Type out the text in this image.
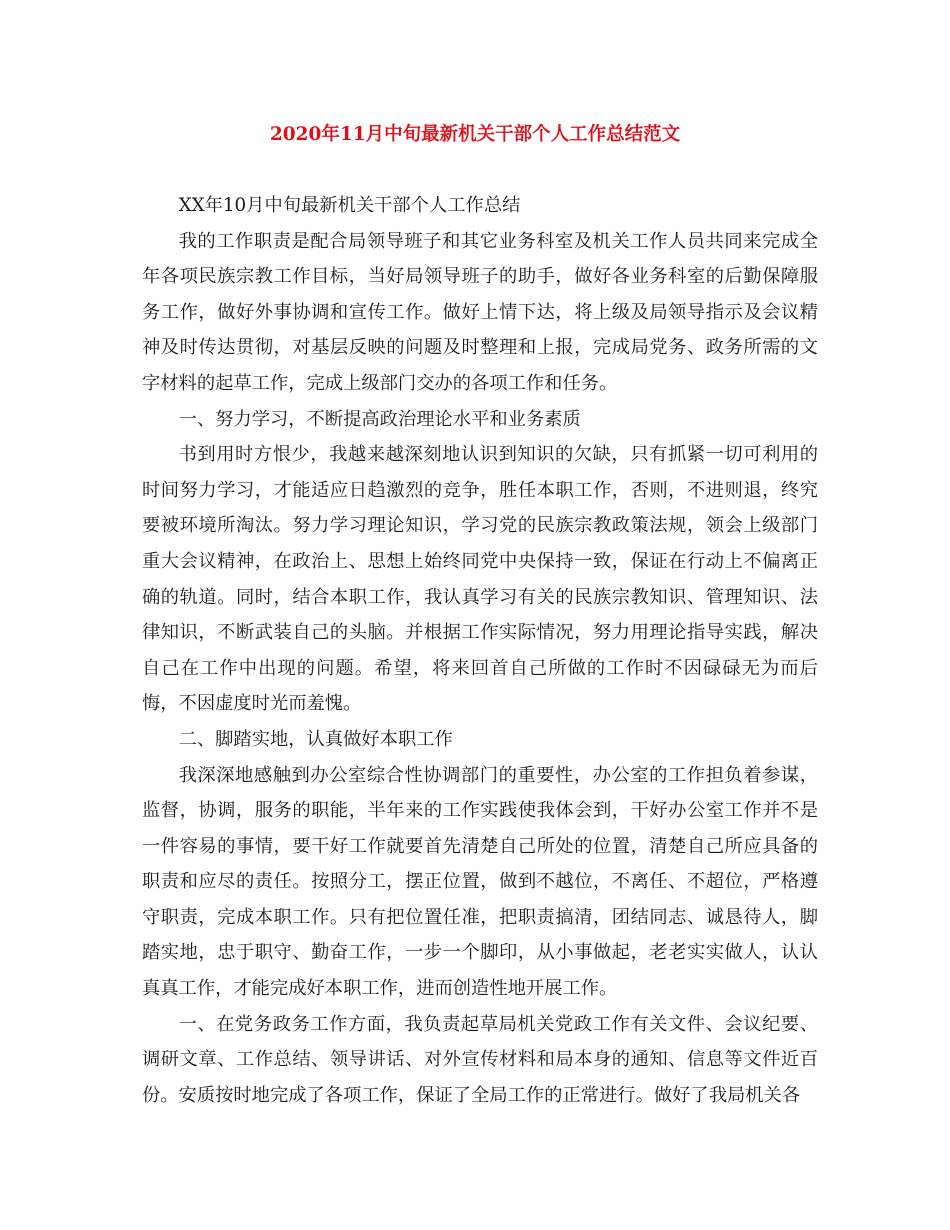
2020年11月中旬最新机关干部个人工作总结范文

XX年10月中旬最新机关干部个人工作总结

我的工作职责是配合局领导班子和其它业务科室及机关工作人员共同来完成全年各项民族宗教工作目标，当好局领导班子的助手，做好各业务科室的后勤保障服务工作，做好外事协调和宣传工作。做好上情下达，将上级及局领导指示及会议精神及时传达贯彻，对基层反映的问题及时整理和上报，完成局党务、政务所需的文字材料的起草工作，完成上级部门交办的各项工作和任务。

一、努力学习，不断提高政治理论水平和业务素质

书到用时方恨少，我越来越深刻地认识到知识的欠缺，只有抓紧一切可利用的时间努力学习，才能适应日趋激烈的竞争，胜任本职工作，否则，不进则退，终究要被环境所淘汰。努力学习理论知识，学习党的民族宗教政策法规，领会上级部门重大会议精神，在政治上、思想上始终同党中央保持一致，保证在行动上不偏离正确的轨道。同时，结合本职工作，我认真学习有关的民族宗教知识、管理知识、法律知识，不断武装自己的头脑。并根据工作实际情况，努力用理论指导实践，解决自己在工作中出现的问题。希望，将来回首自己所做的工作时不因碌碌无为而后悔，不因虚度时光而羞愧。

二、脚踏实地，认真做好本职工作

我深深地感触到办公室综合性协调部门的重要性，办公室的工作担负着参谋，监督，协调，服务的职能，半年来的工作实践使我体会到，干好办公室工作并不是一件容易的事情，要干好工作就要首先清楚自己所处的位置，清楚自己所应具备的职责和应尽的责任。按照分工，摆正位置，做到不越位，不离任、不超位，严格遵守职责，完成本职工作。只有把位置任准，把职责搞清，团结同志、诚恳待人，脚踏实地，忠于职守、勤奋工作，一步一个脚印，从小事做起，老老实实做人，认认真真工作，才能完成好本职工作，进而创造性地开展工作。

一、在党务政务工作方面，我负责起草局机关党政工作有关文件、会议纪要、调研文章、工作总结、领导讲话、对外宣传材料和局本身的通知、信息等文件近百份。安质按时地完成了各项工作，保证了全局工作的正常进行。做好了我局机关各
